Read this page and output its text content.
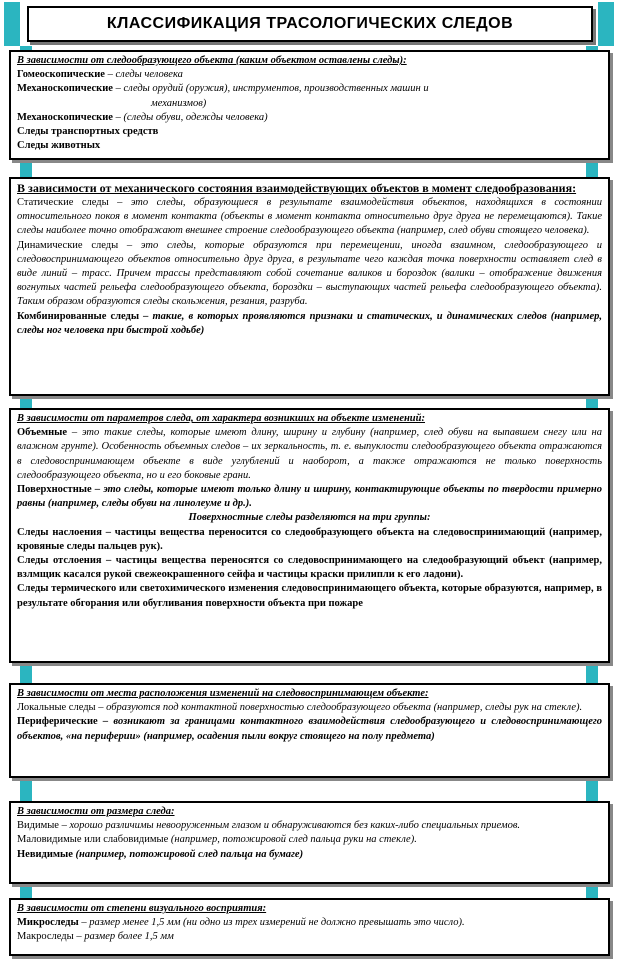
КЛАССИФИКАЦИЯ ТРАСОЛОГИЧЕСКИХ СЛЕДОВ

В зависимости от следообразующего объекта (каким объектом оставлены следы):

Гомеоскопические – следы человека

Механоскопические – следы орудий (оружия), инструментов, производственных машин и

механизмов)

Механоскопические – (следы обуви, одежды человека)

Следы транспортных средств

Следы животных

В зависимости от механического состояния взаимодействующих объектов в момент следообразования:

Статические следы – это следы, образующиеся в результате взаимодействия объектов, находящихся в состоянии относительного покоя в момент контакта (объекты в момент контакта относительно друг друга не перемещаются). Такие следы наиболее точно отображают внешнее строение следообразующего объекта (например, след обуви стоящего человека).

Динамические следы – это следы, которые образуются при перемещении, иногда взаимном, следообразующего и следовоспринимающего объектов относительно друг друга, в результате чего каждая точка поверхности оставляет след в виде линий – трасс. Причем трассы представляют собой сочетание валиков и бороздок (валики – отображение движения вогнутых частей рельефа следообразующего объекта, бороздки – выступающих частей рельефа следообразующего объекта). Таким образом образуются следы скольжения, резания, разруба.

Комбинированные следы – такие, в которых проявляются признаки и статических, и динамических следов (например, следы ног человека при быстрой ходьбе)

В зависимости от параметров следа, от характера возникших на объекте изменений:

Объемные – это такие следы, которые имеют длину, ширину и глубину (например, след обуви на выпавшем снегу или на влажном грунте). Особенность объемных следов – их зеркальность, т. е. выпуклости следообразующего объекта отражаются в следовоспринимающем объекте в виде углублений и наоборот, а также отражаются не только поверхность следообразующего объекта, но и его боковые грани.

Поверхностные – это следы, которые имеют только длину и ширину, контактирующие объекты по твердости примерно равны (например, следы обуви на линолеуме и др.).

Поверхностные следы разделяются на три группы:

Следы наслоения – частицы вещества переносится со следообразующего объекта на следовоспринимающий (например, кровяные следы пальцев рук).

Следы отслоения – частицы вещества переносятся со следовоспринимающего на следообразующий объект (например, взлмщик касался рукой свежеокрашенного сейфа и частицы краски прилипли к его ладони).

Следы термического или светохимического изменения следовоспринимающего объекта, которые образуются, например, в результате обгорания или обугливания поверхности объекта при пожаре

В зависимости от места расположения изменений на следовоспринимающем объекте:

Локальные следы – образуются под контактной поверхностью следообразующего объекта (например, следы рук на стекле).

Периферические – возникают за границами контактного взаимодействия следообразующего и следовоспринимающего объектов, «на периферии» (например, осадения пыли вокруг стоящего на полу предмета)

В зависимости от размера следа:

Видимые – хорошо различимы невооруженным глазом и обнаруживаются без каких-либо специальных приемов.

Маловидимые или слабовидимые (например, потожировой след пальца руки на стекле).

Невидимые (например, потожировой след пальца на бумаге)

В зависимости от степени визуального восприятия:

Микроследы – размер менее 1,5 мм (ни одно из трех измерений не должно превышать это число).

Макроследы – размер более 1,5 мм
